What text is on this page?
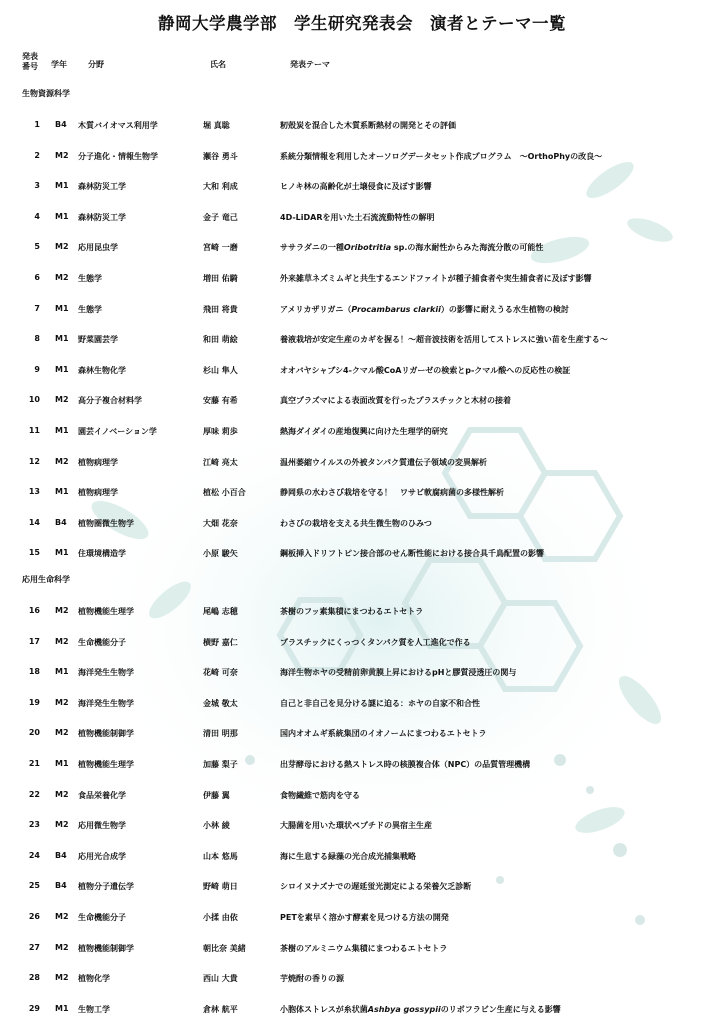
静岡大学農学部　学生研究発表会　演者とテーマ一覧
発表
番号	学年	分野	氏名	発表テーマ
生物資源科学
1 B4 木質バイオマス利用学	堀 真聡	籾殻炭を混合した木質系断熱材の開発とその評価
2 M2 分子進化・情報生物学	瀬谷 勇斗	系統分類情報を利用したオーソログデータセット作成プログラム　～OrthoPhyの改良～
3 M1 森林防災工学	大和 利成	ヒノキ林の高齢化が土壌侵食に及ぼす影響
4 M1 森林防災工学	金子 竜己	4D-LiDARを用いた土石流流動特性の解明
5 M2 応用昆虫学	宮崎 一磨	ササラダニの一種Oribotritia sp.の海水耐性からみた海流分散の可能性
6 M2 生態学	増田 佑騎	外来雑草ネズミムギと共生するエンドファイトが種子捕食者や実生捕食者に及ぼす影響
7 M1 生態学	飛田 将貴	アメリカザリガニ（Procambarus clarkii）の影響に耐えうる水生植物の検討
8 M1 野菜園芸学	和田 萌絵	養液栽培が安定生産のカギを握る！～超音波技術を活用してストレスに強い苗を生産する～
9 M1 森林生物化学	杉山 隼人	オオバヤシャブシ4-クマル酸CoAリガーゼの検索とp-クマル酸への反応性の検証
10 M2 高分子複合材料学	安藤 有希	真空プラズマによる表面改質を行ったプラスチックと木材の接着
11 M1 園芸イノベーション学	厚味 莉歩	熱海ダイダイの産地復興に向けた生理学的研究
12 M2 植物病理学	江崎 亮太	温州萎縮ウイルスの外被タンパク質遺伝子領域の変異解析
13 M1 植物病理学	植松 小百合	静岡県の水わさび栽培を守る！　ワサビ軟腐病菌の多様性解析
14 B4 植物圏微生物学	大畑 花奈	わさびの栽培を支える共生微生物のひみつ
15 M1 住環境構造学	小原 駿矢	鋼板挿入ドリフトピン接合部のせん断性能における接合具千鳥配置の影響
応用生命科学
16 M2 植物機能生理学	尾嶋 志穂	茶樹のフッ素集積にまつわるエトセトラ
17 M2 生命機能分子	横野 嘉仁	プラスチックにくっつくタンパク質を人工進化で作る
18 M1 海洋発生生物学	花崎 可奈	海洋生物ホヤの受精前卵黄膜上昇におけるpHと膠質浸透圧の関与
19 M2 海洋発生生物学	金城 敬太	自己と非自己を見分ける謎に迫る：ホヤの自家不和合性
20 M2 植物機能制御学	清田 明那	国内オオムギ系統集団のイオノームにまつわるエトセトラ
21 M1 植物機能生理学	加藤 梨子	出芽酵母における熱ストレス時の核膜複合体（NPC）の品質管理機構
22 M2 食品栄養化学	伊藤 翼	食物繊維で筋肉を守る
23 M2 応用微生物学	小林 綾	大腸菌を用いた環状ペプチドの異宿主生産
24 B4 応用光合成学	山本 悠馬	海に生息する緑藻の光合成光捕集戦略
25 B4 植物分子遺伝学	野崎 萌日	シロイヌナズナでの遅延蛍光測定による栄養欠乏診断
26 M2 生命機能分子	小揉 由依	PETを素早く溶かす酵素を見つける方法の開発
27 M2 植物機能制御学	朝比奈 美緒	茶樹のアルミニウム集積にまつわるエトセトラ
28 M2 植物化学	西山 大貴	芋焼酎の香りの源
29 M1 生物工学	倉林 航平	小胞体ストレスが糸状菌Ashbya gossypiiのリボフラビン生産に与える影響
